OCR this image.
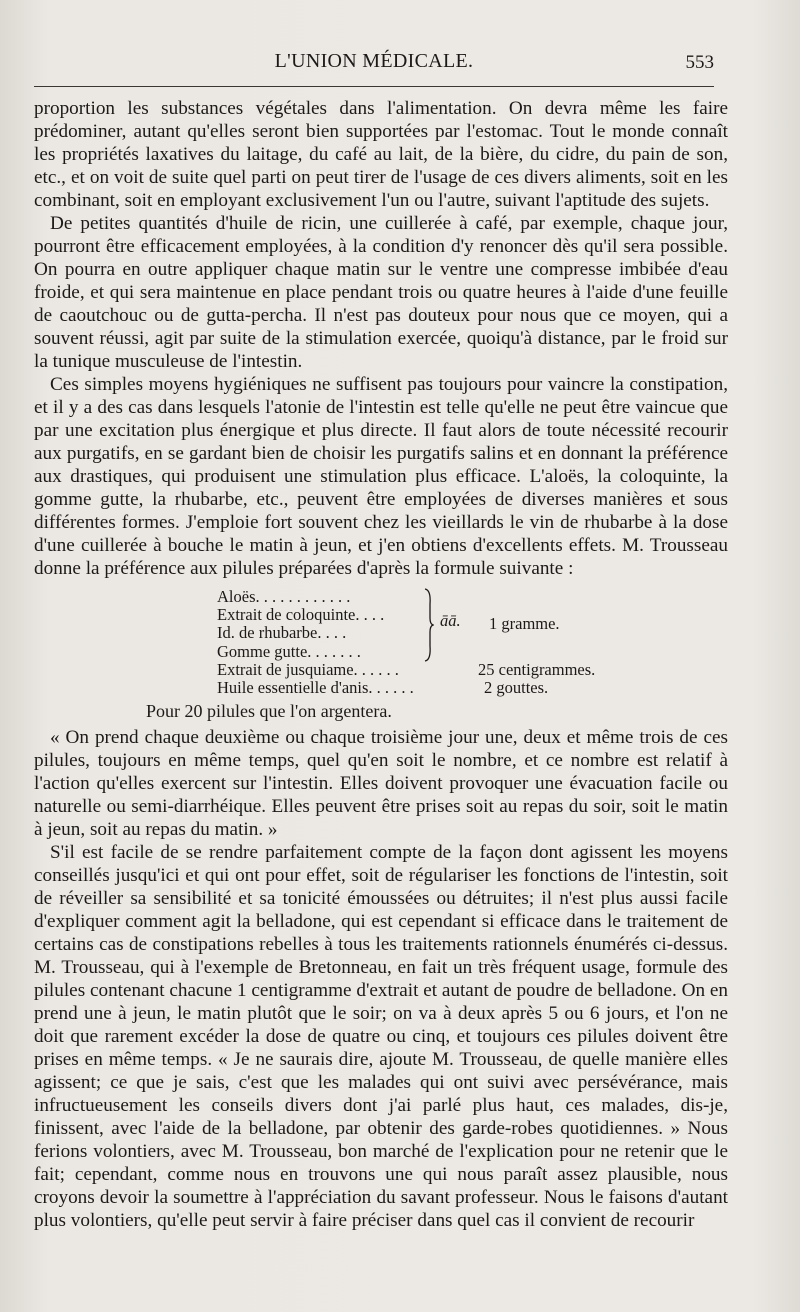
L'UNION MÉDICALE.	553

proportion les substances végétales dans l'alimentation. On devra même les faire prédominer, autant qu'elles seront bien supportées par l'estomac. Tout le monde connaît les propriétés laxatives du laitage, du café au lait, de la bière, du cidre, du pain de son, etc., et on voit de suite quel parti on peut tirer de l'usage de ces divers aliments, soit en les combinant, soit en employant exclusivement l'un ou l'autre, suivant l'aptitude des sujets.

De petites quantités d'huile de ricin, une cuillerée à café, par exemple, chaque jour, pourront être efficacement employées, à la condition d'y renoncer dès qu'il sera possible. On pourra en outre appliquer chaque matin sur le ventre une compresse imbibée d'eau froide, et qui sera maintenue en place pendant trois ou quatre heures à l'aide d'une feuille de caoutchouc ou de gutta-percha. Il n'est pas douteux pour nous que ce moyen, qui a souvent réussi, agit par suite de la stimulation exercée, quoiqu'à distance, par le froid sur la tunique musculeuse de l'intestin.

Ces simples moyens hygiéniques ne suffisent pas toujours pour vaincre la constipation, et il y a des cas dans lesquels l'atonie de l'intestin est telle qu'elle ne peut être vaincue que par une excitation plus énergique et plus directe. Il faut alors de toute nécessité recourir aux purgatifs, en se gardant bien de choisir les purgatifs salins et en donnant la préférence aux drastiques, qui produisent une stimulation plus efficace. L'aloës, la coloquinte, la gomme gutte, la rhubarbe, etc., peuvent être employées de diverses manières et sous différentes formes. J'emploie fort souvent chez les vieillards le vin de rhubarbe à la dose d'une cuillerée à bouche le matin à jeun, et j'en obtiens d'excellents effets. M. Trousseau donne la préférence aux pilules préparées d'après la formule suivante :

Aloës. . . . . . . . . . . .
Extrait de coloquinte. . . .
Id. de rhubarbe. . . .
Gomme gutte. . . . . . .
āā. 1 gramme.
Extrait de jusquiame. . . . . .	25 centigrammes.
Huile essentielle d'anis. . . . . .	2 gouttes.
Pour 20 pilules que l'on argentera.

« On prend chaque deuxième ou chaque troisième jour une, deux et même trois de ces pilules, toujours en même temps, quel qu'en soit le nombre, et ce nombre est relatif à l'action qu'elles exercent sur l'intestin. Elles doivent provoquer une évacuation facile ou naturelle ou semi-diarrhéique. Elles peuvent être prises soit au repas du soir, soit le matin à jeun, soit au repas du matin. »

S'il est facile de se rendre parfaitement compte de la façon dont agissent les moyens conseillés jusqu'ici et qui ont pour effet, soit de régulariser les fonctions de l'intestin, soit de réveiller sa sensibilité et sa tonicité émoussées ou détruites; il n'est plus aussi facile d'expliquer comment agit la belladone, qui est cependant si efficace dans le traitement de certains cas de constipations rebelles à tous les traitements rationnels énumérés ci-dessus. M. Trousseau, qui à l'exemple de Bretonneau, en fait un très fréquent usage, formule des pilules contenant chacune 1 centigramme d'extrait et autant de poudre de belladone. On en prend une à jeun, le matin plutôt que le soir; on va à deux après 5 ou 6 jours, et l'on ne doit que rarement excéder la dose de quatre ou cinq, et toujours ces pilules doivent être prises en même temps. « Je ne saurais dire, ajoute M. Trousseau, de quelle manière elles agissent; ce que je sais, c'est que les malades qui ont suivi avec persévérance, mais infructueusement les conseils divers dont j'ai parlé plus haut, ces malades, dis-je, finissent, avec l'aide de la belladone, par obtenir des garde-robes quotidiennes. » Nous ferions volontiers, avec M. Trousseau, bon marché de l'explication pour ne retenir que le fait; cependant, comme nous en trouvons une qui nous paraît assez plausible, nous croyons devoir la soumettre à l'appréciation du savant professeur. Nous le faisons d'autant plus volontiers, qu'elle peut servir à faire préciser dans quel cas il convient de recourir
